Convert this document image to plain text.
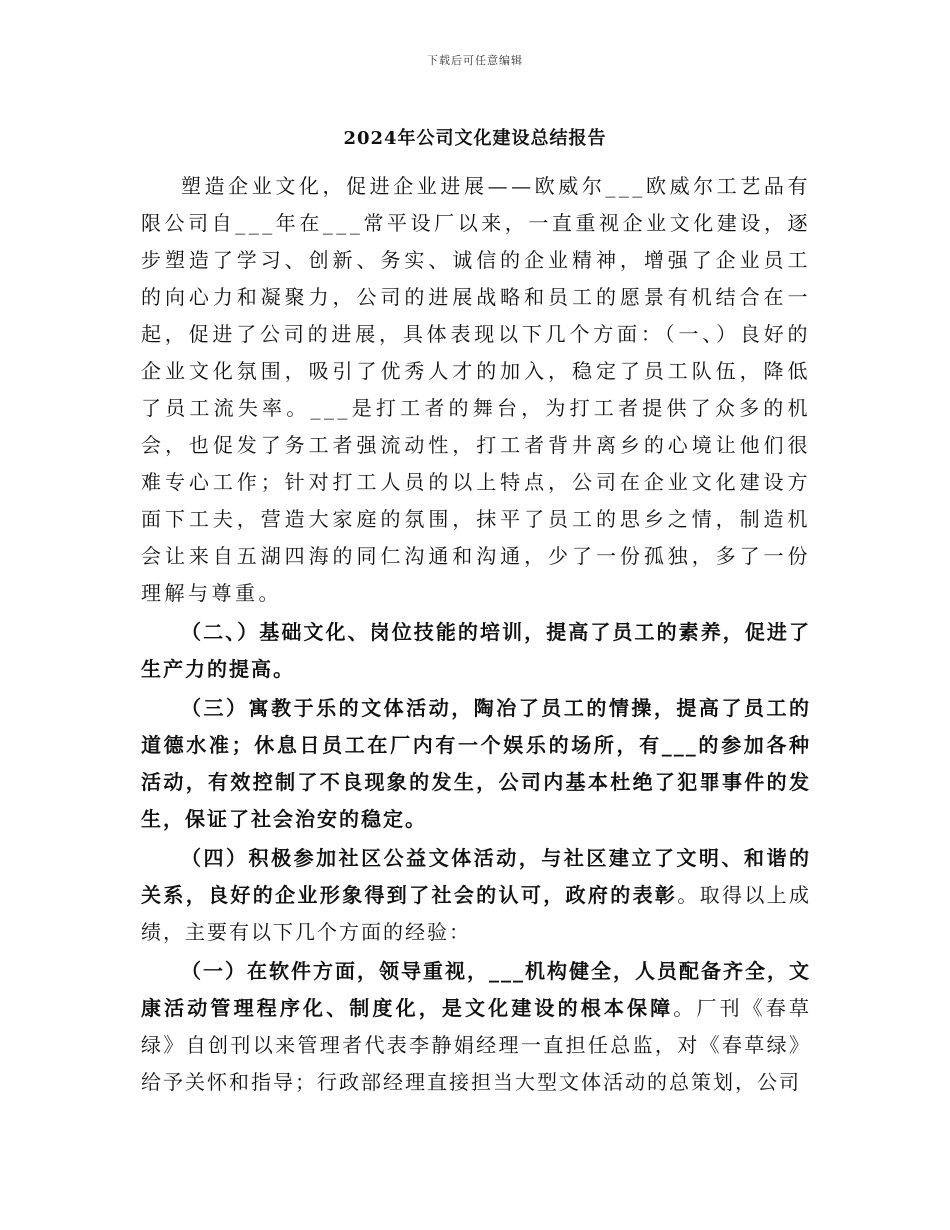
下载后可任意编辑
2024年公司文化建设总结报告

塑造企业文化，促进企业进展——欧威尔___欧威尔工艺品有限公司自___年在___常平设厂以来，一直重视企业文化建设，逐步塑造了学习、创新、务实、诚信的企业精神，增强了企业员工的向心力和凝聚力，公司的进展战略和员工的愿景有机结合在一起，促进了公司的进展，具体表现以下几个方面：（一、）良好的企业文化氛围，吸引了优秀人才的加入，稳定了员工队伍，降低了员工流失率。___是打工者的舞台，为打工者提供了众多的机会，也促发了务工者强流动性，打工者背井离乡的心境让他们很难专心工作；针对打工人员的以上特点，公司在企业文化建设方面下工夫，营造大家庭的氛围，抹平了员工的思乡之情，制造机会让来自五湖四海的同仁沟通和沟通，少了一份孤独，多了一份理解与尊重。

（二、）基础文化、岗位技能的培训，提高了员工的素养，促进了生产力的提高。

（三）寓教于乐的文体活动，陶冶了员工的情操，提高了员工的道德水准；休息日员工在厂内有一个娱乐的场所，有___的参加各种活动，有效控制了不良现象的发生，公司内基本杜绝了犯罪事件的发生，保证了社会治安的稳定。

（四）积极参加社区公益文体活动，与社区建立了文明、和谐的关系，良好的企业形象得到了社会的认可，政府的表彰。取得以上成绩，主要有以下几个方面的经验：

（一）在软件方面，领导重视，___机构健全，人员配备齐全，文康活动管理程序化、制度化，是文化建设的根本保障。厂刊《春草绿》自创刊以来管理者代表李静娟经理一直担任总监，对《春草绿》给予关怀和指导；行政部经理直接担当大型文体活动的总策划，公司
